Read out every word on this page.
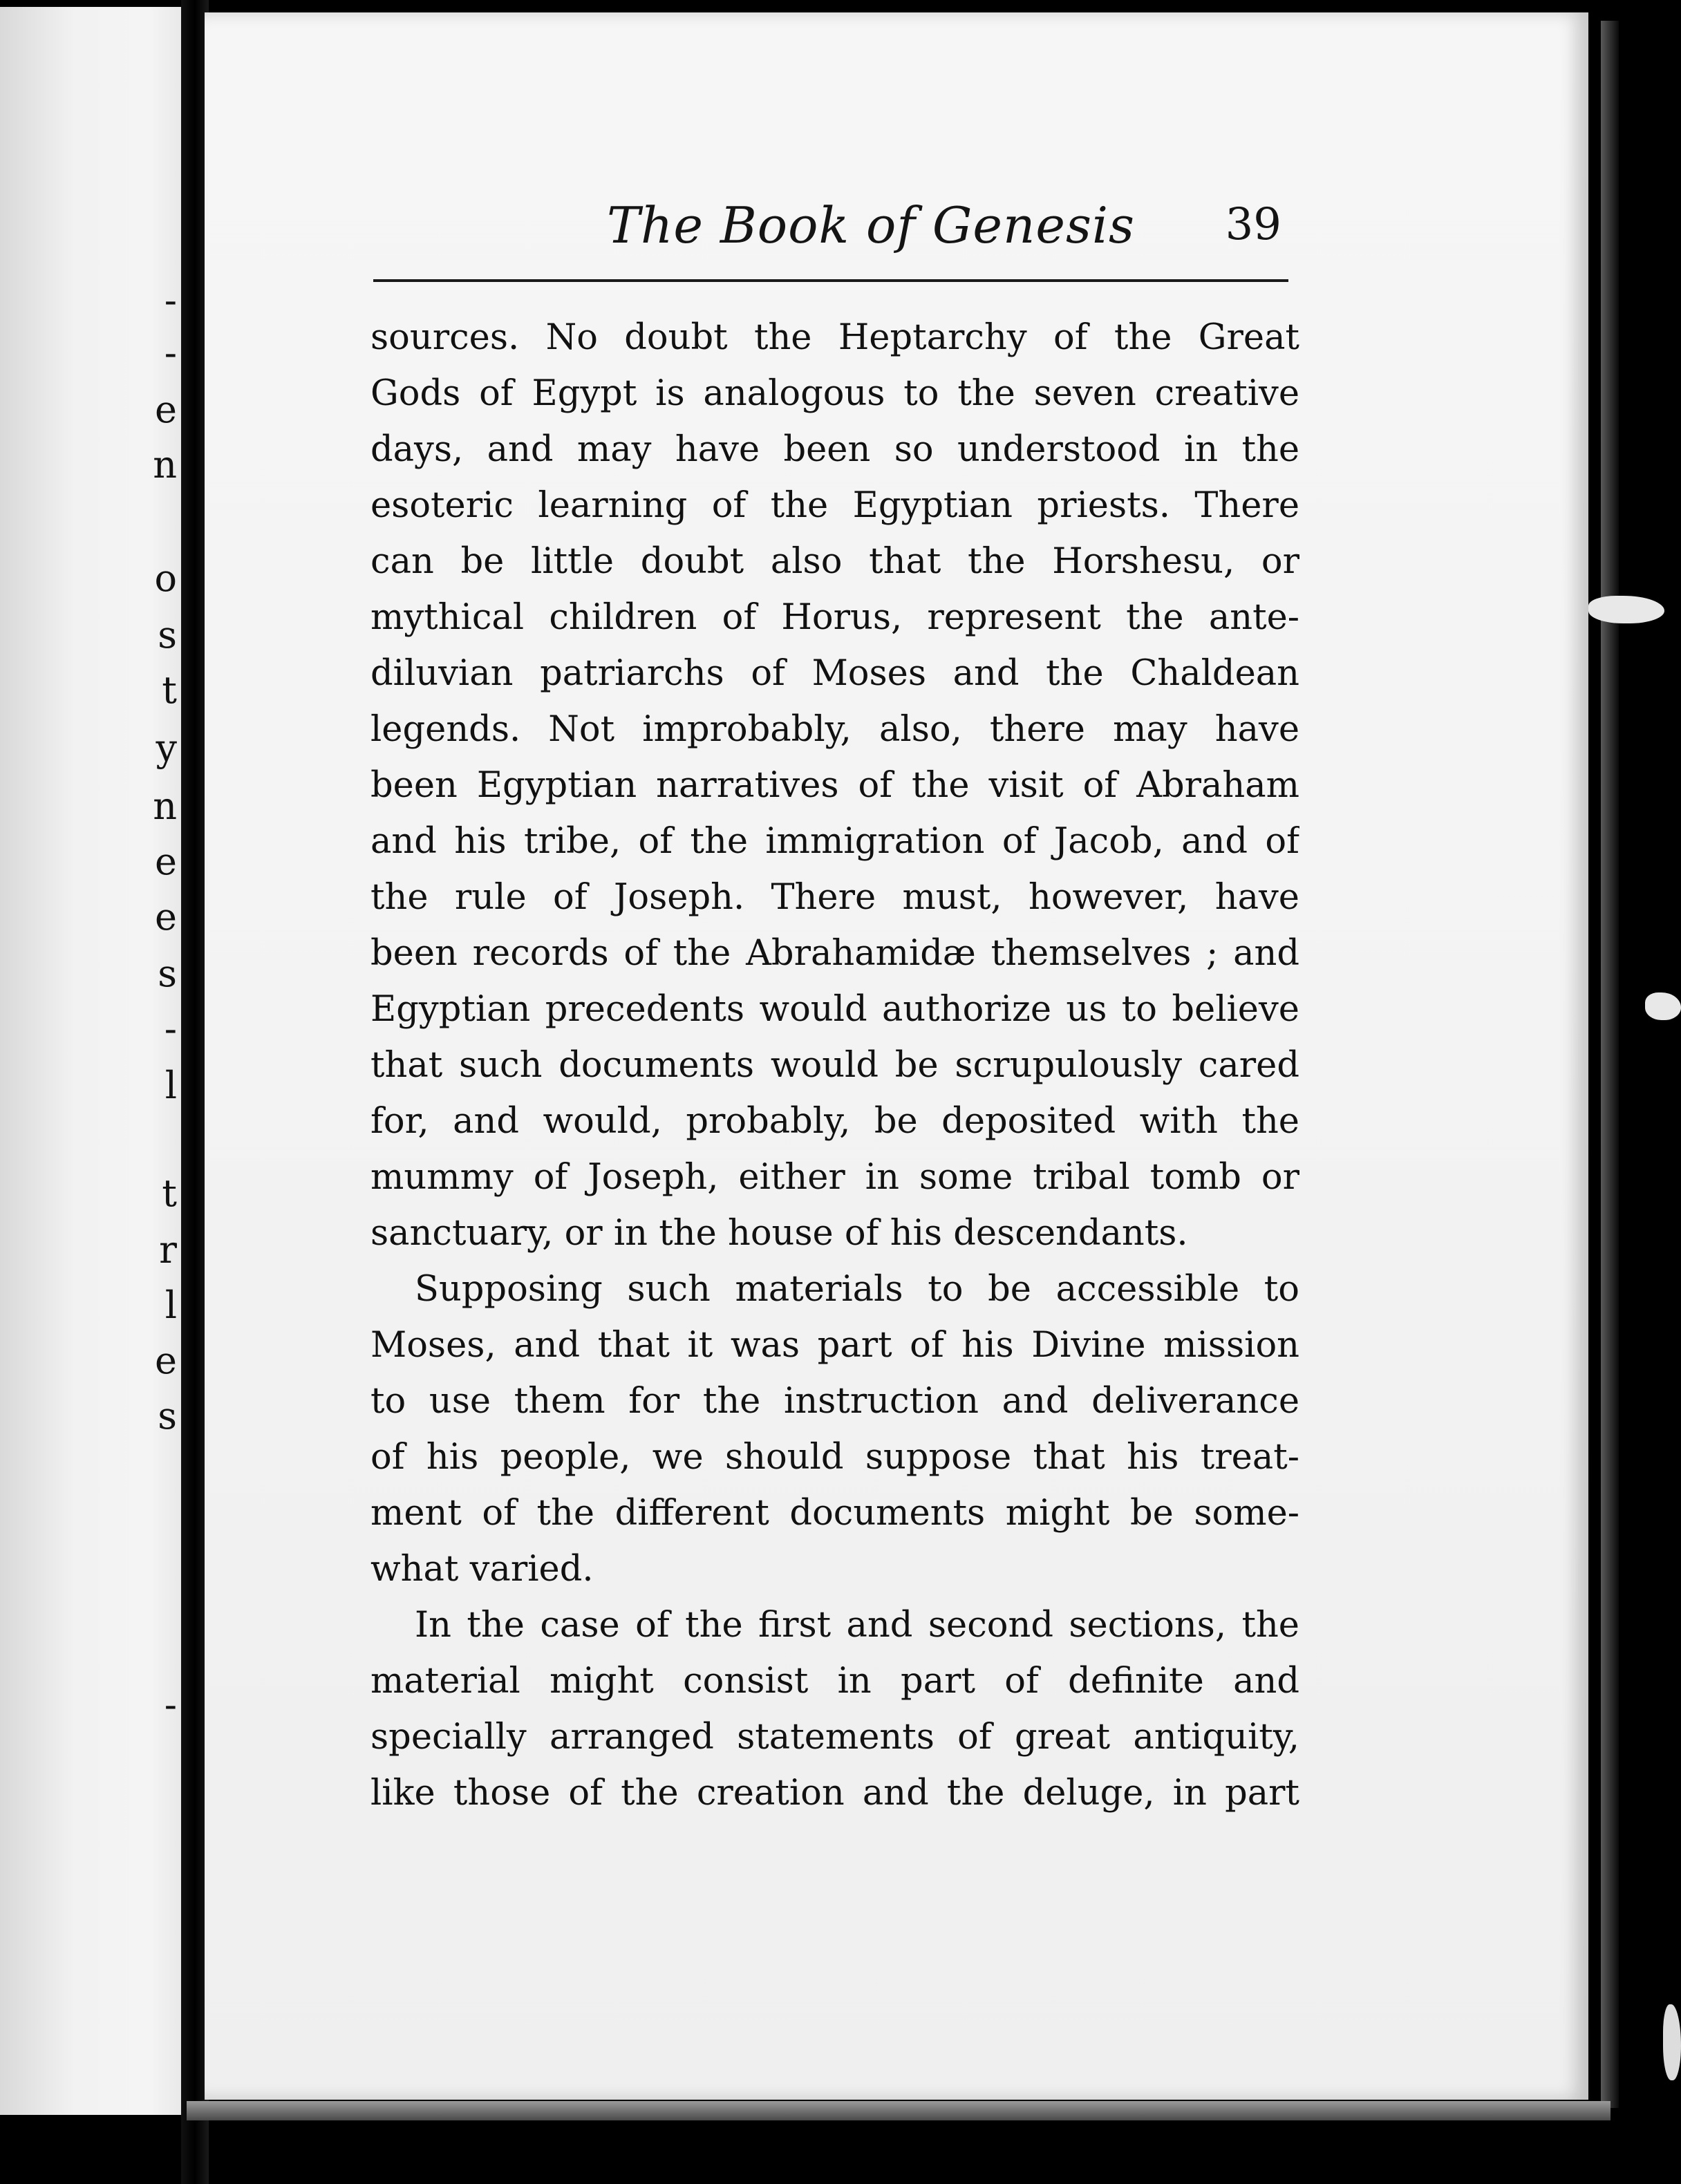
-
-
e
n
o
s
t
y
n
e
e
s
-
l
t
r
l
e
s
-
The Book of Genesis 39
sources. No doubt the Heptarchy of the Great
Gods of Egypt is analogous to the seven creative
days, and may have been so understood in the
esoteric learning of the Egyptian priests. There
can be little doubt also that the Horshesu, or
mythical children of Horus, represent the ante-
diluvian patriarchs of Moses and the Chaldean
legends. Not improbably, also, there may have
been Egyptian narratives of the visit of Abraham
and his tribe, of the immigration of Jacob, and of
the rule of Joseph. There must, however, have
been records of the Abrahamidæ themselves ; and
Egyptian precedents would authorize us to believe
that such documents would be scrupulously cared
for, and would, probably, be deposited with the
mummy of Joseph, either in some tribal tomb or
sanctuary, or in the house of his descendants.
Supposing such materials to be accessible to
Moses, and that it was part of his Divine mission
to use them for the instruction and deliverance
of his people, we should suppose that his treat-
ment of the different documents might be some-
what varied.
In the case of the first and second sections, the
material might consist in part of definite and
specially arranged statements of great antiquity,
like those of the creation and the deluge, in part
